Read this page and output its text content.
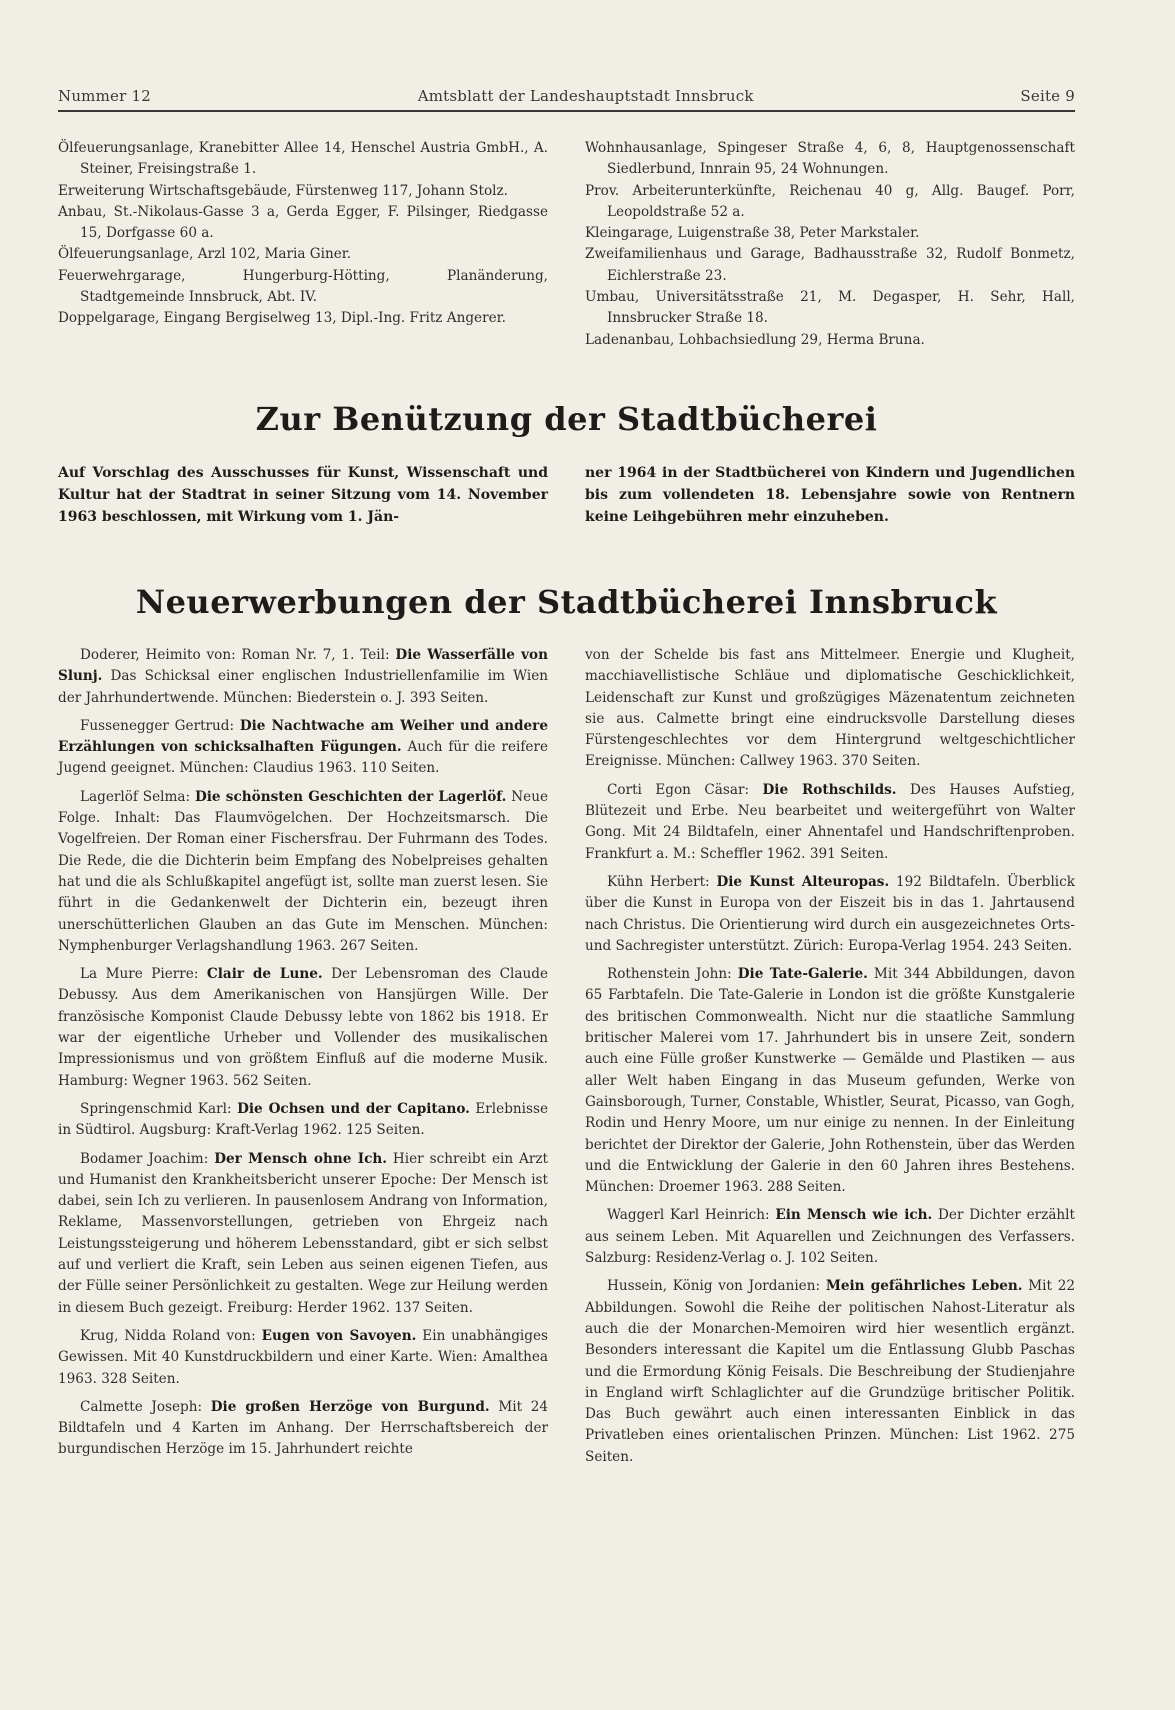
Nummer 12	Amtsblatt der Landeshauptstadt Innsbruck	Seite 9

Ölfeuerungsanlage, Kranebitter Allee 14, Henschel Austria GmbH., A. Steiner, Freisingstraße 1.

Erweiterung Wirtschaftsgebäude, Fürstenweg 117, Johann Stolz.

Anbau, St.-Nikolaus-Gasse 3 a, Gerda Egger, F. Pilsinger, Riedgasse 15, Dorfgasse 60 a.

Ölfeuerungsanlage, Arzl 102, Maria Giner.

Feuerwehrgarage, Hungerburg-Hötting, Planänderung, Stadtgemeinde Innsbruck, Abt. IV.

Doppelgarage, Eingang Bergiselweg 13, Dipl.-Ing. Fritz Angerer.

Wohnhausanlage, Spingeser Straße 4, 6, 8, Hauptgenossenschaft Siedlerbund, Innrain 95, 24 Wohnungen.

Prov. Arbeiterunterkünfte, Reichenau 40 g, Allg. Baugef. Porr, Leopoldstraße 52 a.

Kleingarage, Luigenstraße 38, Peter Markstaler.

Zweifamilienhaus und Garage, Badhausstraße 32, Rudolf Bonmetz, Eichlerstraße 23.

Umbau, Universitätsstraße 21, M. Degasper, H. Sehr, Hall, Innsbrucker Straße 18.

Ladenanbau, Lohbachsiedlung 29, Herma Bruna.

Zur Benützung der Stadtbücherei

Auf Vorschlag des Ausschusses für Kunst, Wissenschaft und Kultur hat der Stadtrat in seiner Sitzung vom 14. November 1963 beschlossen, mit Wirkung vom 1. Jän-

ner 1964 in der Stadtbücherei von Kindern und Jugendlichen bis zum vollendeten 18. Lebensjahre sowie von Rentnern keine Leihgebühren mehr einzuheben.

Neuerwerbungen der Stadtbücherei Innsbruck

Doderer, Heimito von: Roman Nr. 7, 1. Teil: Die Wasserfälle von Slunj. Das Schicksal einer englischen Industriellenfamilie im Wien der Jahrhundertwende. München: Biederstein o. J. 393 Seiten.

Fussenegger Gertrud: Die Nachtwache am Weiher und andere Erzählungen von schicksalhaften Fügungen. Auch für die reifere Jugend geeignet. München: Claudius 1963. 110 Seiten.

Lagerlöf Selma: Die schönsten Geschichten der Lagerlöf. Neue Folge. Inhalt: Das Flaumvögelchen. Der Hochzeitsmarsch. Die Vogelfreien. Der Roman einer Fischersfrau. Der Fuhrmann des Todes. Die Rede, die die Dichterin beim Empfang des Nobelpreises gehalten hat und die als Schlußkapitel angefügt ist, sollte man zuerst lesen. Sie führt in die Gedankenwelt der Dichterin ein, bezeugt ihren unerschütterlichen Glauben an das Gute im Menschen. München: Nymphenburger Verlagshandlung 1963. 267 Seiten.

La Mure Pierre: Clair de Lune. Der Lebensroman des Claude Debussy. Aus dem Amerikanischen von Hansjürgen Wille. Der französische Komponist Claude Debussy lebte von 1862 bis 1918. Er war der eigentliche Urheber und Vollender des musikalischen Impressionismus und von größtem Einfluß auf die moderne Musik. Hamburg: Wegner 1963. 562 Seiten.

Springenschmid Karl: Die Ochsen und der Capitano. Erlebnisse in Südtirol. Augsburg: Kraft-Verlag 1962. 125 Seiten.

Bodamer Joachim: Der Mensch ohne Ich. Hier schreibt ein Arzt und Humanist den Krankheitsbericht unserer Epoche: Der Mensch ist dabei, sein Ich zu verlieren. In pausenlosem Andrang von Information, Reklame, Massenvorstellungen, getrieben von Ehrgeiz nach Leistungssteigerung und höherem Lebensstandard, gibt er sich selbst auf und verliert die Kraft, sein Leben aus seinen eigenen Tiefen, aus der Fülle seiner Persönlichkeit zu gestalten. Wege zur Heilung werden in diesem Buch gezeigt. Freiburg: Herder 1962. 137 Seiten.

Krug, Nidda Roland von: Eugen von Savoyen. Ein unabhängiges Gewissen. Mit 40 Kunstdruckbildern und einer Karte. Wien: Amalthea 1963. 328 Seiten.

Calmette Joseph: Die großen Herzöge von Burgund. Mit 24 Bildtafeln und 4 Karten im Anhang. Der Herrschaftsbereich der burgundischen Herzöge im 15. Jahrhundert reichte

von der Schelde bis fast ans Mittelmeer. Energie und Klugheit, macchiavellistische Schläue und diplomatische Geschicklichkeit, Leidenschaft zur Kunst und großzügiges Mäzenatentum zeichneten sie aus. Calmette bringt eine eindrucksvolle Darstellung dieses Fürstengeschlechtes vor dem Hintergrund weltgeschichtlicher Ereignisse. München: Callwey 1963. 370 Seiten.

Corti Egon Cäsar: Die Rothschilds. Des Hauses Aufstieg, Blütezeit und Erbe. Neu bearbeitet und weitergeführt von Walter Gong. Mit 24 Bildtafeln, einer Ahnentafel und Handschriftenproben. Frankfurt a. M.: Scheffler 1962. 391 Seiten.

Kühn Herbert: Die Kunst Alteuropas. 192 Bildtafeln. Überblick über die Kunst in Europa von der Eiszeit bis in das 1. Jahrtausend nach Christus. Die Orientierung wird durch ein ausgezeichnetes Orts- und Sachregister unterstützt. Zürich: Europa-Verlag 1954. 243 Seiten.

Rothenstein John: Die Tate-Galerie. Mit 344 Abbildungen, davon 65 Farbtafeln. Die Tate-Galerie in London ist die größte Kunstgalerie des britischen Commonwealth. Nicht nur die staatliche Sammlung britischer Malerei vom 17. Jahrhundert bis in unsere Zeit, sondern auch eine Fülle großer Kunstwerke — Gemälde und Plastiken — aus aller Welt haben Eingang in das Museum gefunden, Werke von Gainsborough, Turner, Constable, Whistler, Seurat, Picasso, van Gogh, Rodin und Henry Moore, um nur einige zu nennen. In der Einleitung berichtet der Direktor der Galerie, John Rothenstein, über das Werden und die Entwicklung der Galerie in den 60 Jahren ihres Bestehens. München: Droemer 1963. 288 Seiten.

Waggerl Karl Heinrich: Ein Mensch wie ich. Der Dichter erzählt aus seinem Leben. Mit Aquarellen und Zeichnungen des Verfassers. Salzburg: Residenz-Verlag o. J. 102 Seiten.

Hussein, König von Jordanien: Mein gefährliches Leben. Mit 22 Abbildungen. Sowohl die Reihe der politischen Nahost-Literatur als auch die der Monarchen-Memoiren wird hier wesentlich ergänzt. Besonders interessant die Kapitel um die Entlassung Glubb Paschas und die Ermordung König Feisals. Die Beschreibung der Studienjahre in England wirft Schlaglichter auf die Grundzüge britischer Politik. Das Buch gewährt auch einen interessanten Einblick in das Privatleben eines orientalischen Prinzen. München: List 1962. 275 Seiten.
